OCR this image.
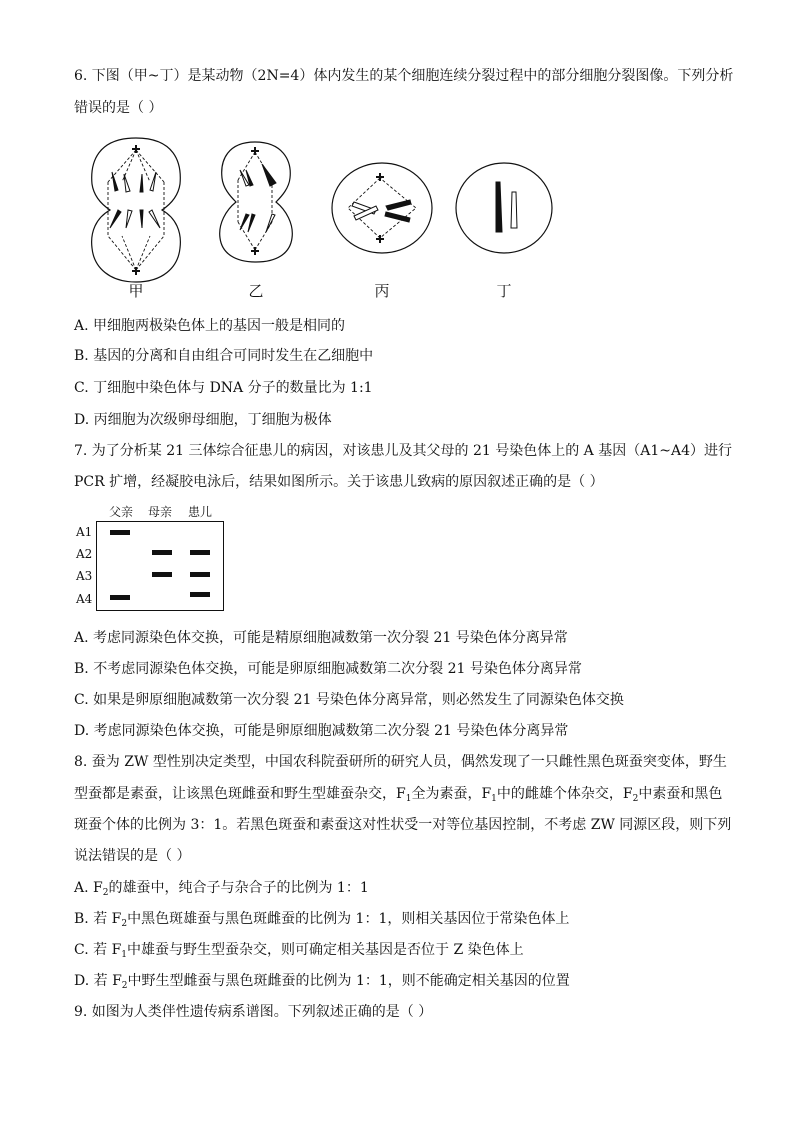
6. 下图（甲~丁）是某动物（2N=4）体内发生的某个细胞连续分裂过程中的部分细胞分裂图像。下列分析
错误的是（ ）
甲	乙	丙	丁
A. 甲细胞两极染色体上的基因一般是相同的
B. 基因的分离和自由组合可同时发生在乙细胞中
C. 丁细胞中染色体与 DNA 分子的数量比为 1:1
D. 丙细胞为次级卵母细胞，丁细胞为极体
7. 为了分析某 21 三体综合征患儿的病因，对该患儿及其父母的 21 号染色体上的 A 基因（A1~A4）进行
PCR 扩增，经凝胶电泳后，结果如图所示。关于该患儿致病的原因叙述正确的是（ ）
父亲 母亲 患儿
A1
A2
A3
A4
A. 考虑同源染色体交换，可能是精原细胞减数第一次分裂 21 号染色体分离异常
B. 不考虑同源染色体交换，可能是卵原细胞减数第二次分裂 21 号染色体分离异常
C. 如果是卵原细胞减数第一次分裂 21 号染色体分离异常，则必然发生了同源染色体交换
D. 考虑同源染色体交换，可能是卵原细胞减数第二次分裂 21 号染色体分离异常
8. 蚕为 ZW 型性别决定类型，中国农科院蚕研所的研究人员，偶然发现了一只雌性黑色斑蚕突变体，野生
型蚕都是素蚕，让该黑色斑雌蚕和野生型雄蚕杂交，$F_1$全为素蚕，$F_1$中的雌雄个体杂交，$F_2$中素蚕和黑色
斑蚕个体的比例为 3：1。若黑色斑蚕和素蚕这对性状受一对等位基因控制，不考虑 ZW 同源区段，则下列
说法错误的是（ ）
A. $F_2$的雄蚕中，纯合子与杂合子的比例为 1：1
B. 若 $F_2$中黑色斑雄蚕与黑色斑雌蚕的比例为 1：1，则相关基因位于常染色体上
C. 若 $F_1$中雄蚕与野生型蚕杂交，则可确定相关基因是否位于 Z 染色体上
D. 若 $F_2$中野生型雌蚕与黑色斑雌蚕的比例为 1：1，则不能确定相关基因的位置
9. 如图为人类伴性遗传病系谱图。下列叙述正确的是（ ）
